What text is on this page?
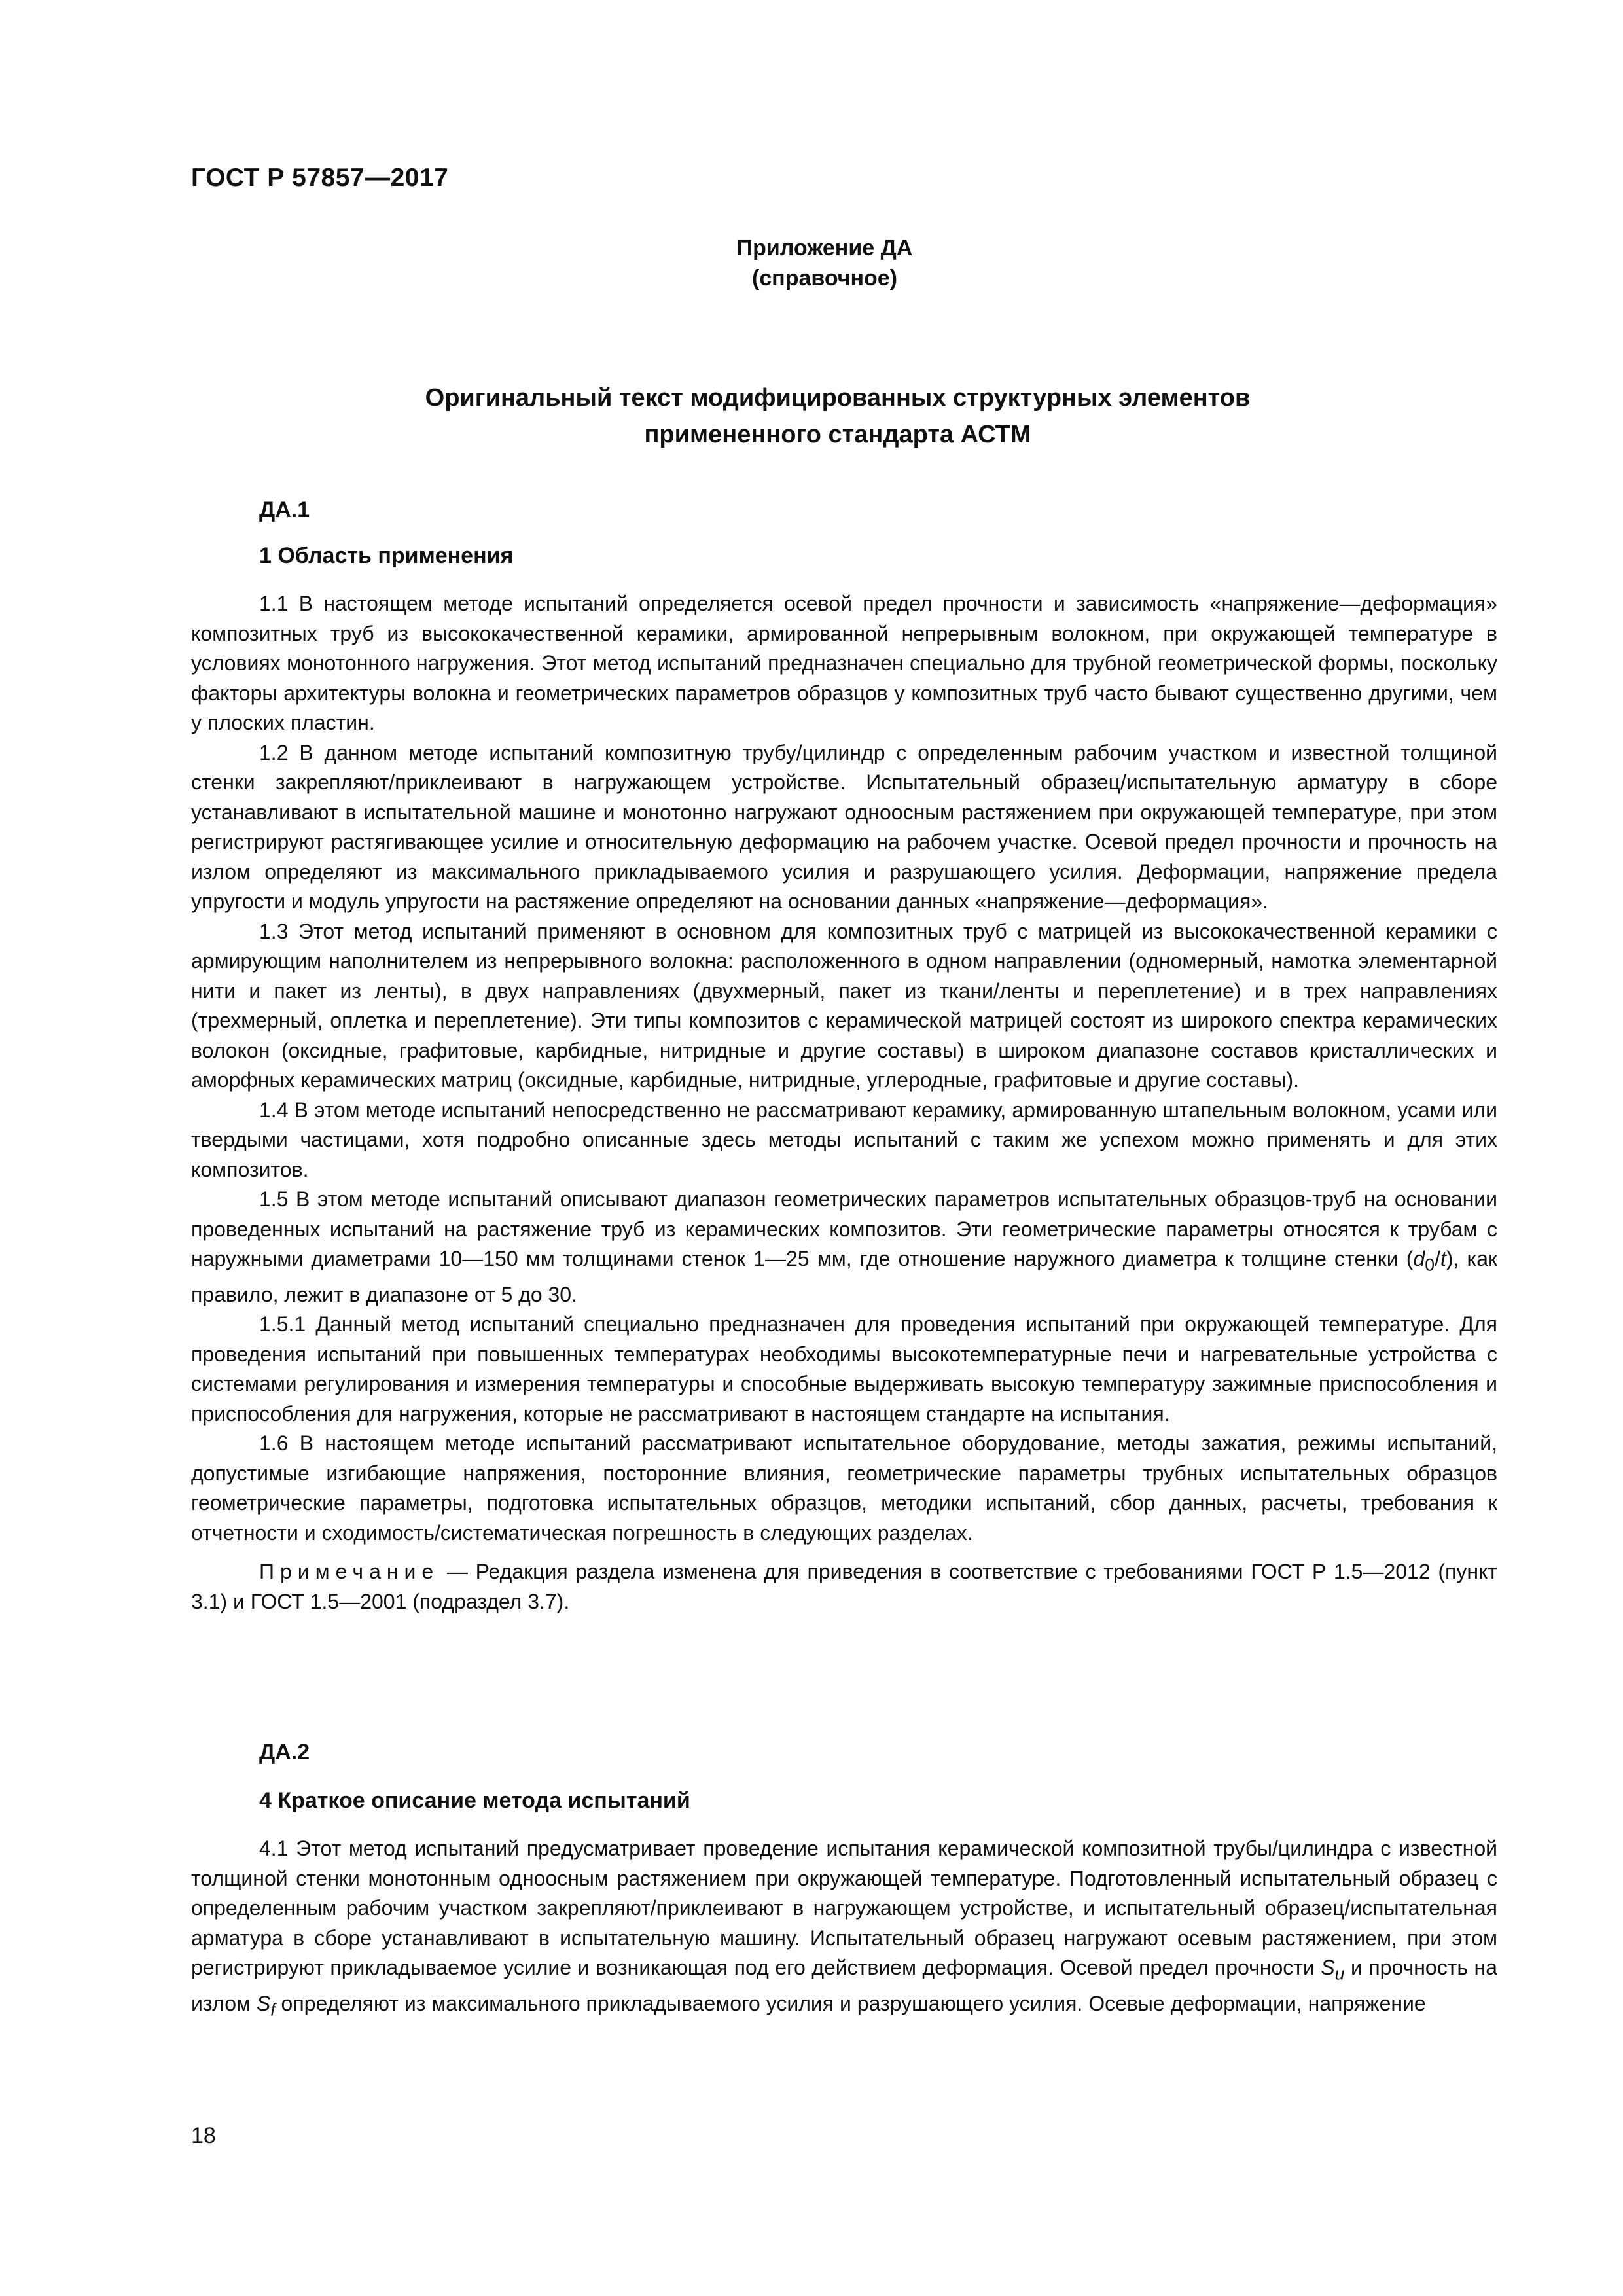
ГОСТ Р 57857—2017
Приложение ДА
(справочное)
Оригинальный текст модифицированных структурных элементов
примененного стандарта АСТМ
ДА.1
1 Область применения

1.1 В настоящем методе испытаний определяется осевой предел прочности и зависимость «напряжение—деформация» композитных труб из высококачественной керамики, армированной непрерывным волокном, при окружающей температуре в условиях монотонного нагружения. Этот метод испытаний предназначен специально для трубной геометрической формы, поскольку факторы архитектуры волокна и геометрических параметров образцов у композитных труб часто бывают существенно другими, чем у плоских пластин.

1.2 В данном методе испытаний композитную трубу/цилиндр с определенным рабочим участком и известной толщиной стенки закрепляют/приклеивают в нагружающем устройстве. Испытательный образец/испытательную арматуру в сборе устанавливают в испытательной машине и монотонно нагружают одноосным растяжением при окружающей температуре, при этом регистрируют растягивающее усилие и относительную деформацию на рабочем участке. Осевой предел прочности и прочность на излом определяют из максимального прикладываемого усилия и разрушающего усилия. Деформации, напряжение предела упругости и модуль упругости на растяжение определяют на основании данных «напряжение—деформация».

1.3 Этот метод испытаний применяют в основном для композитных труб с матрицей из высококачественной керамики с армирующим наполнителем из непрерывного волокна: расположенного в одном направлении (одномерный, намотка элементарной нити и пакет из ленты), в двух направлениях (двухмерный, пакет из ткани/ленты и переплетение) и в трех направлениях (трехмерный, оплетка и переплетение). Эти типы композитов с керамической матрицей состоят из широкого спектра керамических волокон (оксидные, графитовые, карбидные, нитридные и другие составы) в широком диапазоне составов кристаллических и аморфных керамических матриц (оксидные, карбидные, нитридные, углеродные, графитовые и другие составы).

1.4 В этом методе испытаний непосредственно не рассматривают керамику, армированную штапельным волокном, усами или твердыми частицами, хотя подробно описанные здесь методы испытаний с таким же успехом можно применять и для этих композитов.

1.5 В этом методе испытаний описывают диапазон геометрических параметров испытательных образцов-труб на основании проведенных испытаний на растяжение труб из керамических композитов. Эти геометрические параметры относятся к трубам с наружными диаметрами 10—150 мм толщинами стенок 1—25 мм, где отношение наружного диаметра к толщине стенки $(d_0/t)$, как правило, лежит в диапазоне от 5 до 30.

1.5.1 Данный метод испытаний специально предназначен для проведения испытаний при окружающей температуре. Для проведения испытаний при повышенных температурах необходимы высокотемпературные печи и нагревательные устройства с системами регулирования и измерения температуры и способные выдерживать высокую температуру зажимные приспособления и приспособления для нагружения, которые не рассматривают в настоящем стандарте на испытания.

1.6 В настоящем методе испытаний рассматривают испытательное оборудование, методы зажатия, режимы испытаний, допустимые изгибающие напряжения, посторонние влияния, геометрические параметры трубных испытательных образцов геометрические параметры, подготовка испытательных образцов, методики испытаний, сбор данных, расчеты, требования к отчетности и сходимость/систематическая погрешность в следующих разделах.

Примечание — Редакция раздела изменена для приведения в соответствие с требованиями ГОСТ Р 1.5—2012 (пункт 3.1) и ГОСТ 1.5—2001 (подраздел 3.7).

ДА.2
4 Краткое описание метода испытаний

4.1 Этот метод испытаний предусматривает проведение испытания керамической композитной трубы/цилиндра с известной толщиной стенки монотонным одноосным растяжением при окружающей температуре. Подготовленный испытательный образец с определенным рабочим участком закрепляют/приклеивают в нагружающем устройстве, и испытательный образец/испытательная арматура в сборе устанавливают в испытательную машину. Испытательный образец нагружают осевым растяжением, при этом регистрируют прикладываемое усилие и возникающая под его действием деформация. Осевой предел прочности $S_u$ и прочность на излом $S_f$ определяют из максимального прикладываемого усилия и разрушающего усилия. Осевые деформации, напряжение

18
